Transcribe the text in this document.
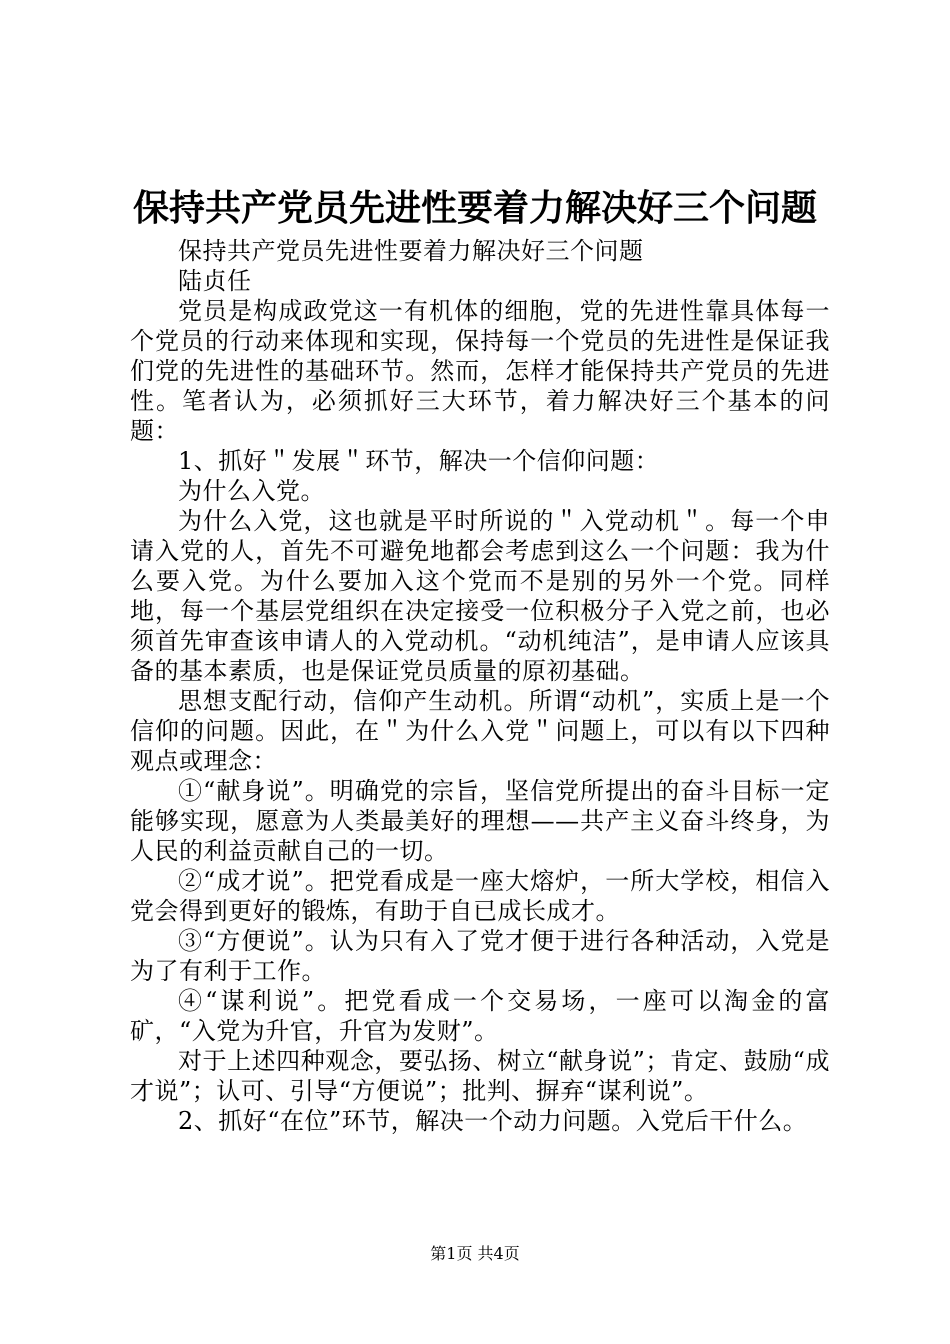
保持共产党员先进性要着力解决好三个问题

保持共产党员先进性要着力解决好三个问题

陆贞任

党员是构成政党这一有机体的细胞，党的先进性靠具体每一个党员的行动来体现和实现，保持每一个党员的先进性是保证我们党的先进性的基础环节。然而，怎样才能保持共产党员的先进性。笔者认为，必须抓好三大环节，着力解决好三个基本的问题：

1、抓好＂发展＂环节，解决一个信仰问题：

为什么入党。

为什么入党，这也就是平时所说的＂入党动机＂。每一个申请入党的人，首先不可避免地都会考虑到这么一个问题：我为什么要入党。为什么要加入这个党而不是别的另外一个党。同样地，每一个基层党组织在决定接受一位积极分子入党之前，也必须首先审查该申请人的入党动机。“动机纯洁”，是申请人应该具备的基本素质，也是保证党员质量的原初基础。

思想支配行动，信仰产生动机。所谓“动机”，实质上是一个信仰的问题。因此，在＂为什么入党＂问题上，可以有以下四种观点或理念：

①“献身说”。明确党的宗旨，坚信党所提出的奋斗目标一定能够实现，愿意为人类最美好的理想——共产主义奋斗终身，为人民的利益贡献自己的一切。

②“成才说”。把党看成是一座大熔炉，一所大学校，相信入党会得到更好的锻炼，有助于自已成长成才。

③“方便说”。认为只有入了党才便于进行各种活动，入党是为了有利于工作。

④“谋利说”。把党看成一个交易场，一座可以淘金的富矿，“入党为升官，升官为发财”。

对于上述四种观念，要弘扬、树立“献身说”；肯定、鼓励“成才说”；认可、引导“方便说”；批判、摒弃“谋利说”。

2、抓好“在位”环节，解决一个动力问题。入党后干什么。

第1页 共4页
